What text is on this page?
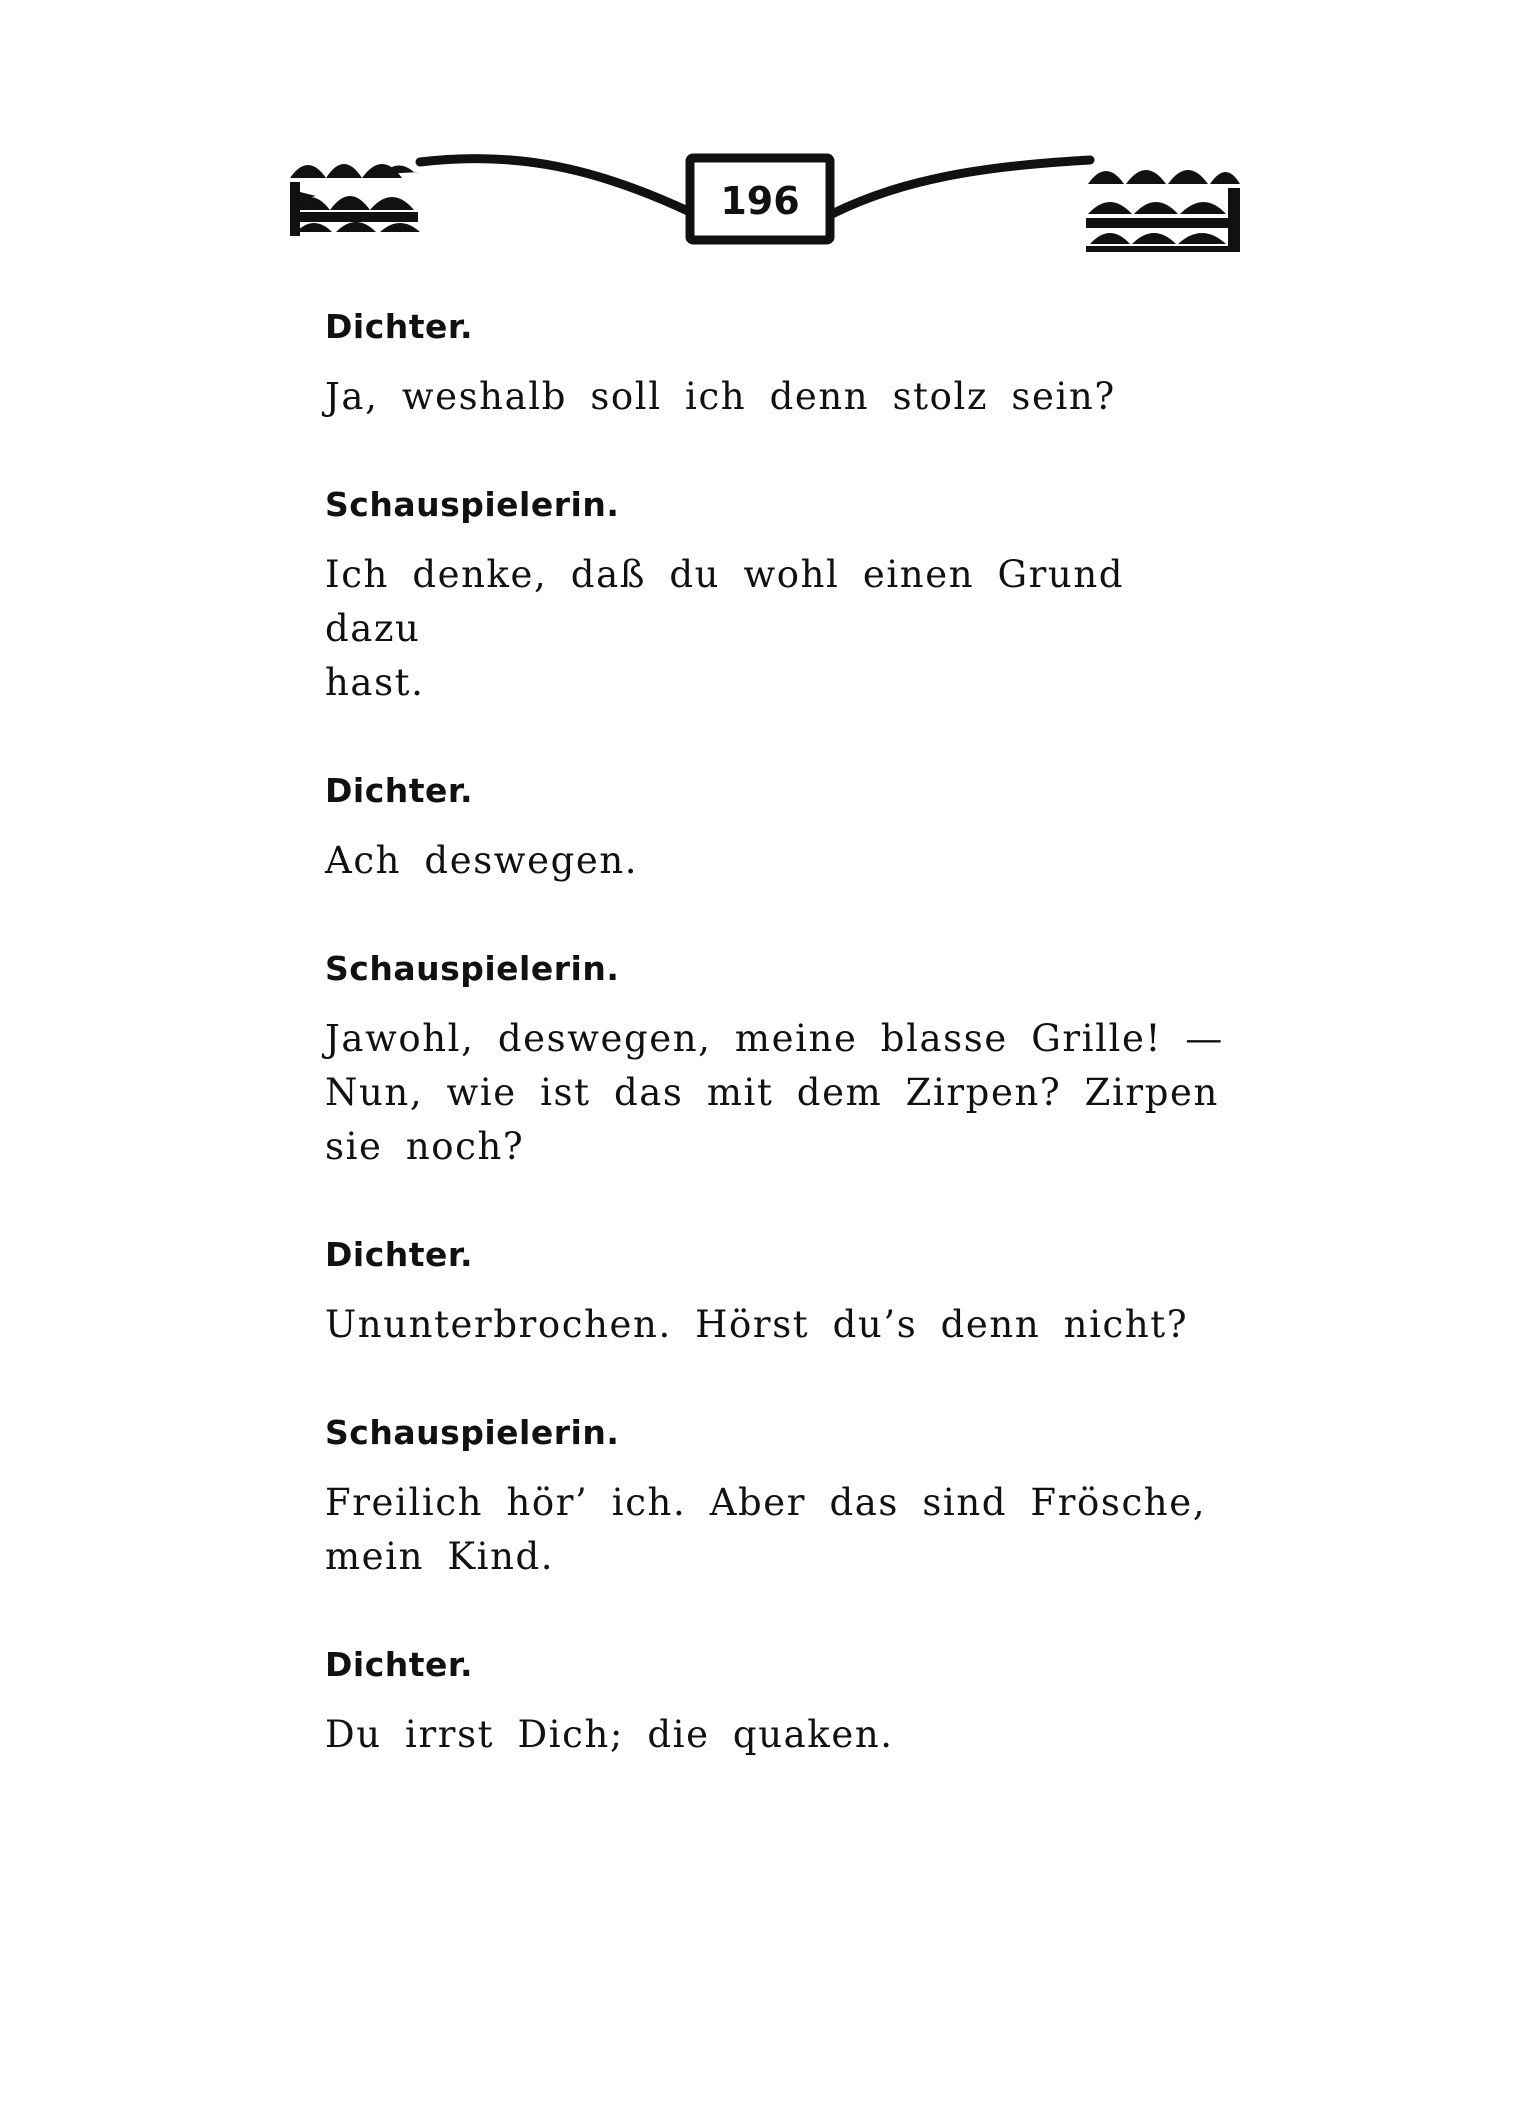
196

Dichter.

Ja, weshalb soll ich denn stolz sein?

Schauspielerin.

Ich denke, daß du wohl einen Grund dazu

hast.

Dichter.

Ach deswegen.

Schauspielerin.

Jawohl, deswegen, meine blasse Grille! —

Nun, wie ist das mit dem Zirpen? Zirpen

sie noch?

Dichter.

Ununterbrochen. Hörst du’s denn nicht?

Schauspielerin.

Freilich hör’ ich. Aber das sind Frösche,

mein Kind.

Dichter.

Du irrst Dich; die quaken.
